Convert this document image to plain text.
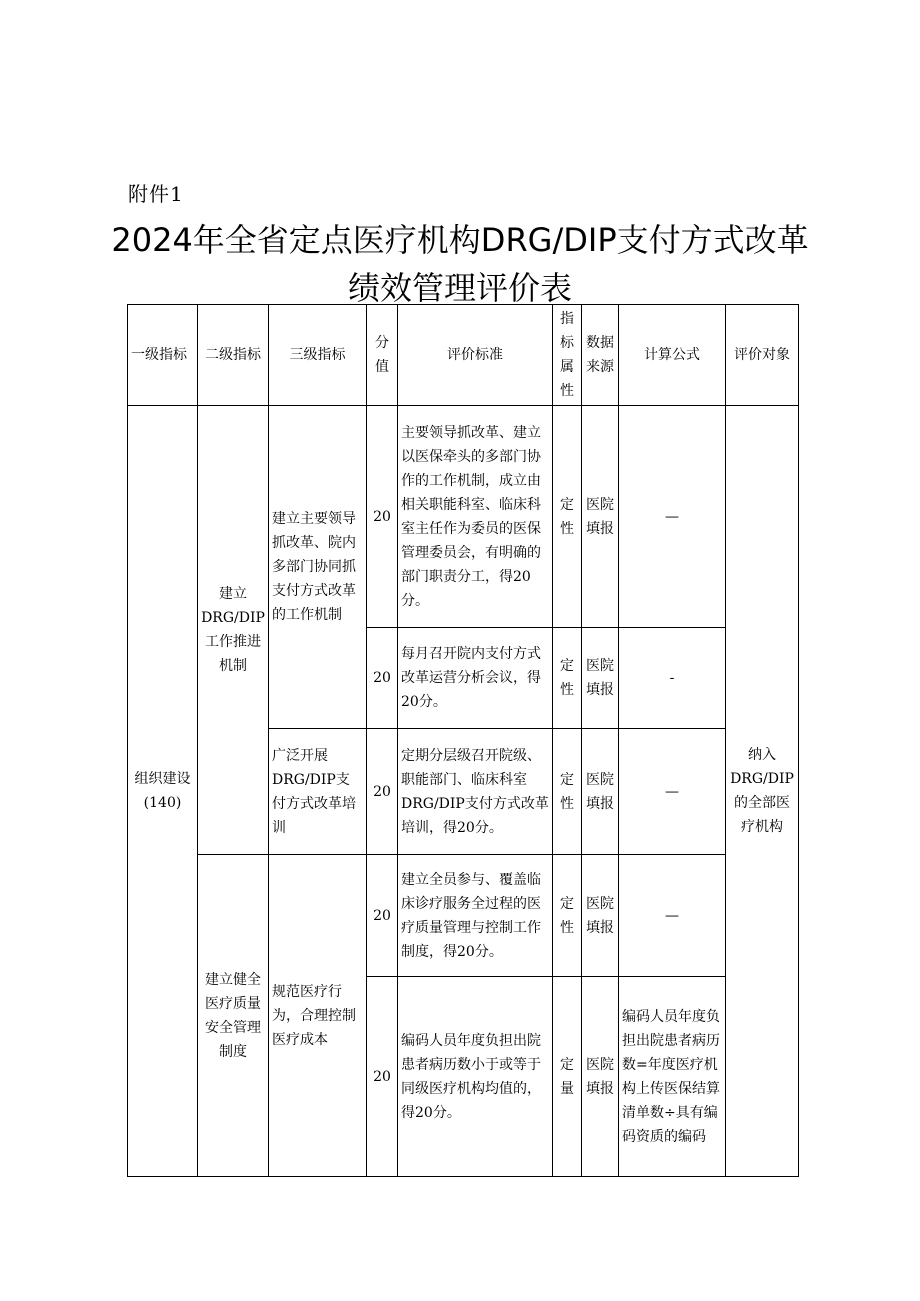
附件1
2024年全省定点医疗机构DRG/DIP支付方式改革绩效管理评价表
一级指标	二级指标	三级指标	分值	评价标准	指标属性	数据来源	计算公式	评价对象
组织建设(140)	建立DRG/DIP工作推进机制	建立主要领导抓改革、院内多部门协同抓支付方式改革的工作机制	20	主要领导抓改革、建立以医保牵头的多部门协作的工作机制，成立由相关职能科室、临床科室主任作为委员的医保管理委员会，有明确的部门职责分工，得20分。	定性	医院填报	—	纳入DRG/DIP的全部医疗机构
			20	每月召开院内支付方式改革运营分析会议，得20分。	定性	医院填报	-	
		广泛开展DRG/DIP支付方式改革培训	20	定期分层级召开院级、职能部门、临床科室DRG/DIP支付方式改革培训，得20分。	定性	医院填报	—	
	建立健全医疗质量安全管理制度	规范医疗行为，合理控制医疗成本	20	建立全员参与、覆盖临床诊疗服务全过程的医疗质量管理与控制工作制度，得20分。	定性	医院填报	—	
			20	编码人员年度负担出院患者病历数小于或等于同级医疗机构均值的，得20分。	定量	医院填报	编码人员年度负担出院患者病历数=年度医疗机构上传医保结算清单数÷具有编码资质的编码	
